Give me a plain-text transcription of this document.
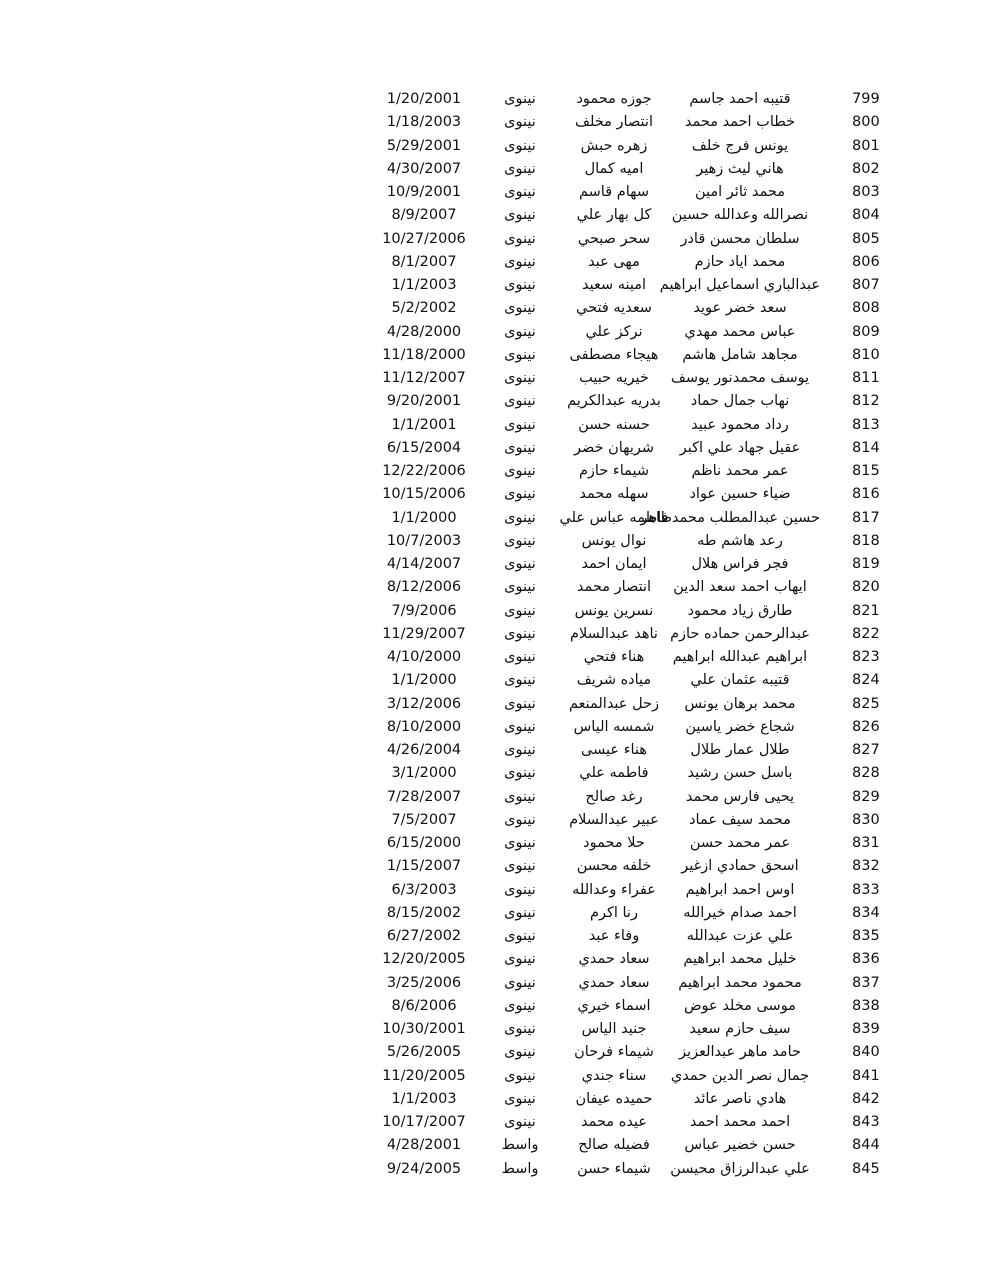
799
قتيبه احمد جاسم
جوزه محمود
نينوى
1/20/2001
800
خطاب احمد محمد
انتصار مخلف
نينوى
1/18/2003
801
يونس فرج خلف
زهره حبش
نينوى
5/29/2001
802
هاني ليث زهير
اميه كمال
نينوى
4/30/2007
803
محمد ثائر امين
سهام قاسم
نينوى
10/9/2001
804
نصرالله وعدالله حسين
كل بهار علي
نينوى
8/9/2007
805
سلطان محسن قادر
سحر صبحي
نينوى
10/27/2006
806
محمد اياد حازم
مهى عبد
نينوى
8/1/2007
807
عبدالباري اسماعيل ابراهيم
امينه سعيد
نينوى
1/1/2003
808
سعد خضر عويد
سعديه فتحي
نينوى
5/2/2002
809
عباس محمد مهدي
نركز علي
نينوى
4/28/2000
810
مجاهد شامل هاشم
هيجاء مصطفى
نينوى
11/18/2000
811
يوسف محمدنور يوسف
خيريه حبيب
نينوى
11/12/2007
812
نهاب جمال حماد
بدريه عبدالكريم
نينوى
9/20/2001
813
رداد محمود عبيد
حسنه حسن
نينوى
1/1/2001
814
عقيل جهاد علي اكبر
شريهان خضر
نينوى
6/15/2004
815
عمر محمد ناظم
شيماء حازم
نينوى
12/22/2006
816
ضياء حسين عواد
سهله محمد
نينوى
10/15/2006
817
حسين عبدالمطلب محمدطاهر
فاطمه عباس علي
نينوى
1/1/2000
818
رعد هاشم طه
نوال يونس
نينوى
10/7/2003
819
فجر فراس هلال
ايمان احمد
نينوى
4/14/2007
820
ايهاب احمد سعد الدين
انتصار محمد
نينوى
8/12/2006
821
طارق زياد محمود
نسرين يونس
نينوى
7/9/2006
822
عبدالرحمن حماده حازم
ناهد عبدالسلام
نينوى
11/29/2007
823
ابراهيم عبدالله ابراهيم
هناء فتحي
نينوى
4/10/2000
824
قتيبه عثمان علي
مياده شريف
نينوى
1/1/2000
825
محمد برهان يونس
زحل عبدالمنعم
نينوى
3/12/2006
826
شجاع خضر ياسين
شمسه الياس
نينوى
8/10/2000
827
طلال عمار طلال
هناء عيسى
نينوى
4/26/2004
828
باسل حسن رشيد
فاطمه علي
نينوى
3/1/2000
829
يحيى فارس محمد
رغد صالح
نينوى
7/28/2007
830
محمد سيف عماد
عبير عبدالسلام
نينوى
7/5/2007
831
عمر محمد حسن
حلا محمود
نينوى
6/15/2000
832
اسحق حمادي ازغير
خلفه محسن
نينوى
1/15/2007
833
اوس احمد ابراهيم
عفراء وعدالله
نينوى
6/3/2003
834
احمد صدام خيرالله
رنا اكرم
نينوى
8/15/2002
835
علي عزت عبدالله
وفاء عبد
نينوى
6/27/2002
836
خليل محمد ابراهيم
سعاد حمدي
نينوى
12/20/2005
837
محمود محمد ابراهيم
سعاد حمدي
نينوى
3/25/2006
838
موسى مخلد عوض
اسماء خيري
نينوى
8/6/2006
839
سيف حازم سعيد
جنيد الياس
نينوى
10/30/2001
840
حامد ماهر عبدالعزيز
شيماء فرحان
نينوى
5/26/2005
841
جمال نصر الدين حمدي
سناء جندي
نينوى
11/20/2005
842
هادي ناصر عائد
حميده عيفان
نينوى
1/1/2003
843
احمد محمد احمد
عيده محمد
نينوى
10/17/2007
844
حسن خضير عباس
فضيله صالح
واسط
4/28/2001
845
علي عبدالرزاق محيسن
شيماء حسن
واسط
9/24/2005
